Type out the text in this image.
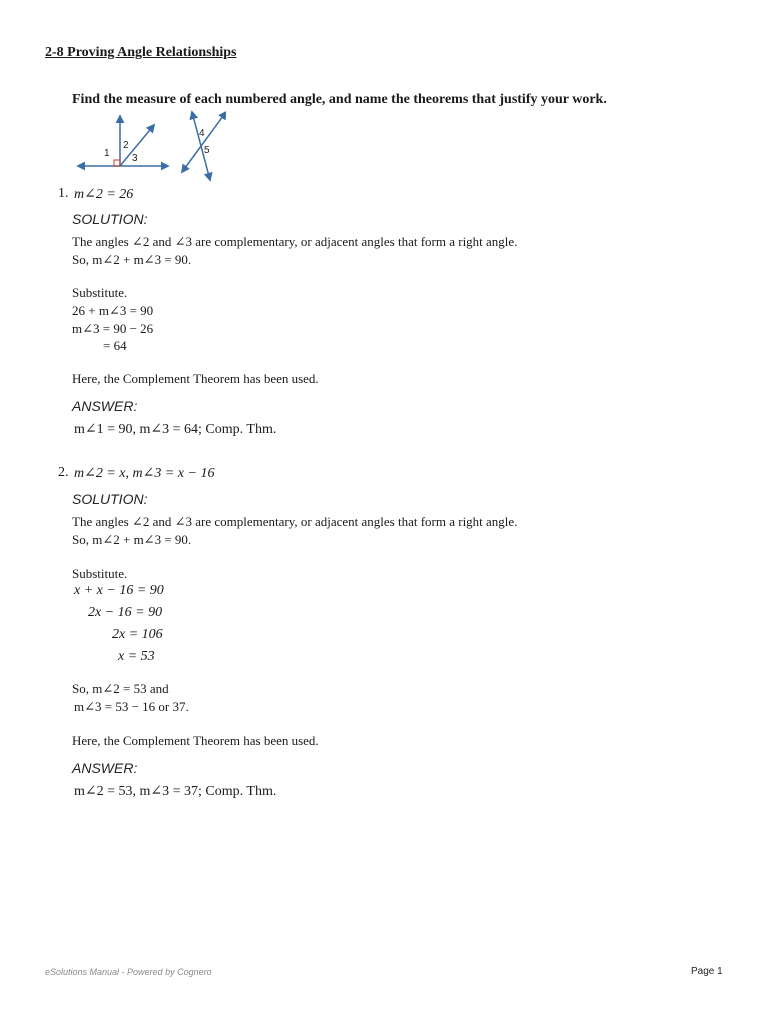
2-8 Proving Angle Relationships
Find the measure of each numbered angle, and name the theorems that justify your work.
1
2
3
4
5
1. m∠2 = 26
SOLUTION:
The angles ∠2 and ∠3 are complementary, or adjacent angles that form a right angle.
So, m∠2 + m∠3 = 90.
Substitute.
26 + m∠3 = 90
m∠3 = 90 − 26
= 64
Here, the Complement Theorem has been used.
ANSWER:
m∠1 = 90, m∠3 = 64; Comp. Thm.
2. m∠2 = x, m∠3 = x − 16
SOLUTION:
The angles ∠2 and ∠3 are complementary, or adjacent angles that form a right angle.
So, m∠2 + m∠3 = 90.
Substitute.
x + x − 16 = 90
2x − 16 = 90
2x = 106
x = 53
So, m∠2 = 53 and
m∠3 = 53 − 16 or 37.
Here, the Complement Theorem has been used.
ANSWER:
m∠2 = 53, m∠3 = 37; Comp. Thm.
eSolutions Manual - Powered by Cognero	Page 1
